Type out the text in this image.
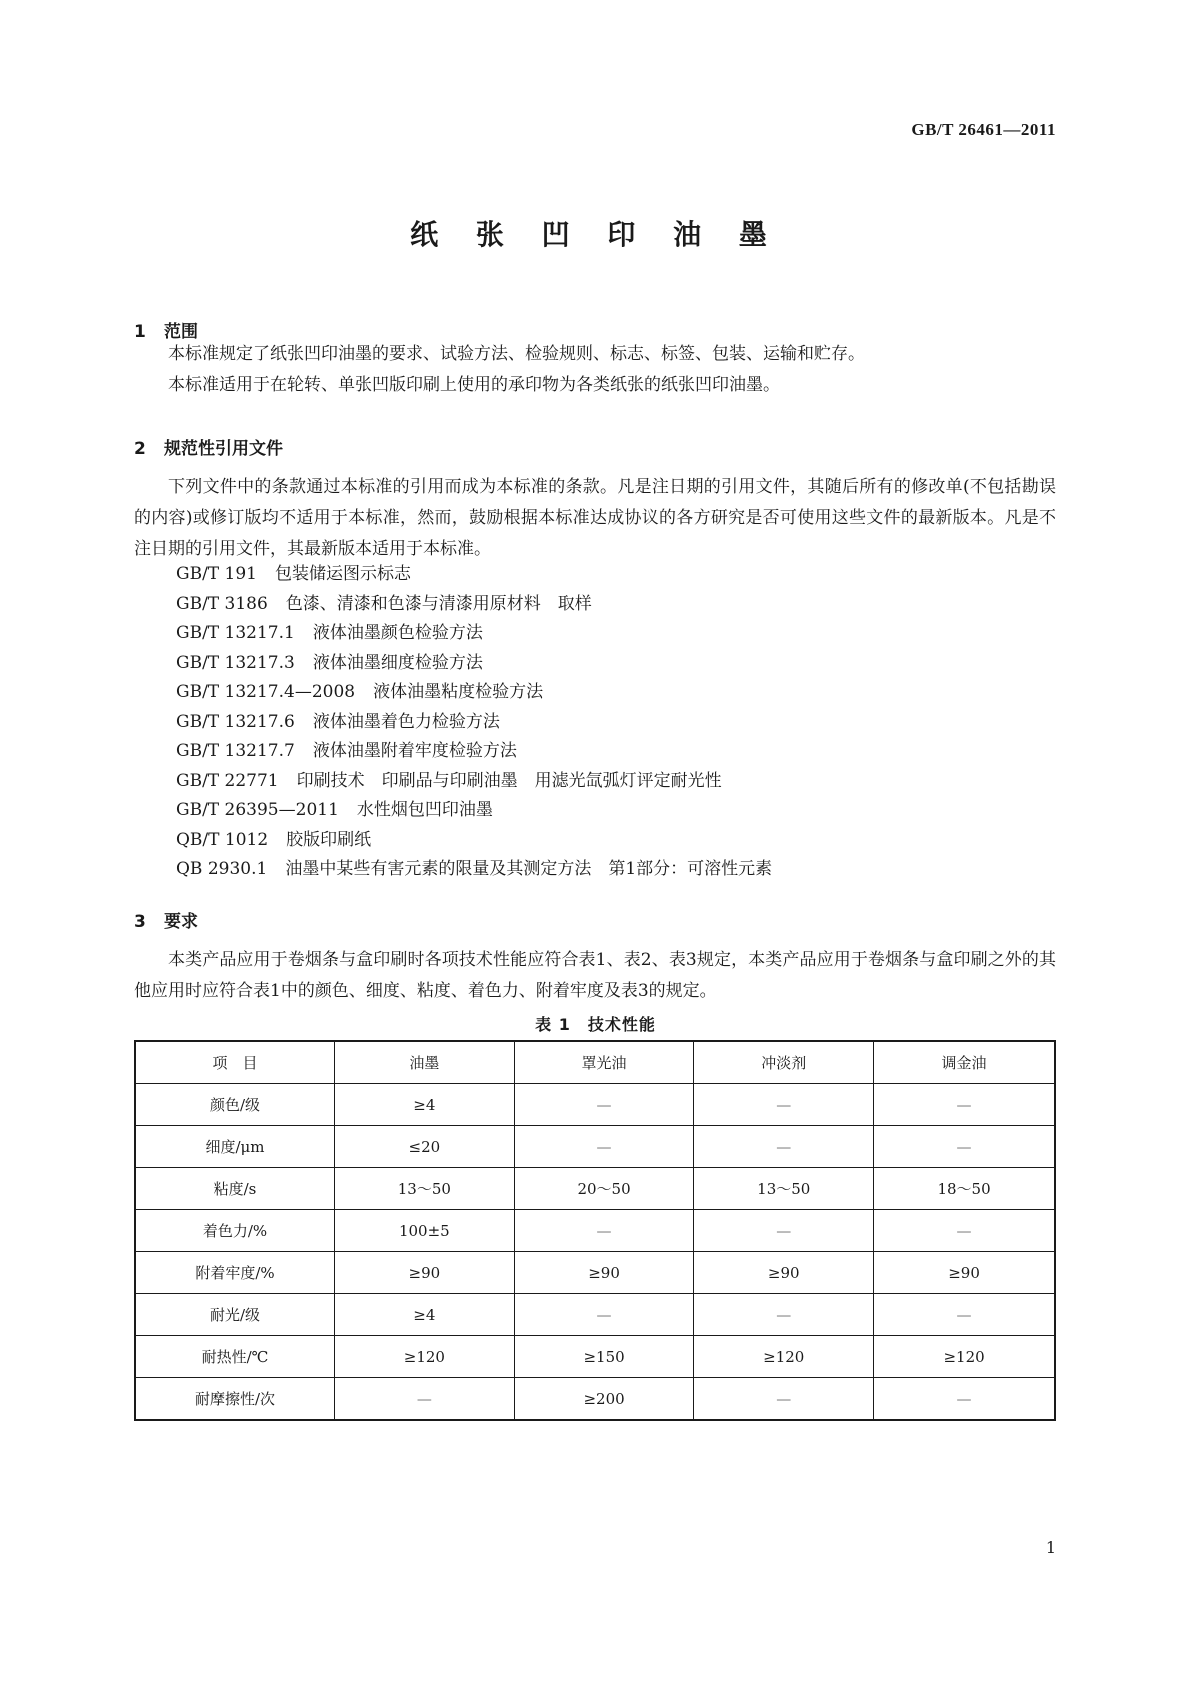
GB/T 26461—2011
纸 张 凹 印 油 墨
1 范围

本标准规定了纸张凹印油墨的要求、试验方法、检验规则、标志、标签、包装、运输和贮存。

本标准适用于在轮转、单张凹版印刷上使用的承印物为各类纸张的纸张凹印油墨。

2 规范性引用文件

下列文件中的条款通过本标准的引用而成为本标准的条款。凡是注日期的引用文件，其随后所有的修改单(不包括勘误的内容)或修订版均不适用于本标准，然而，鼓励根据本标准达成协议的各方研究是否可使用这些文件的最新版本。凡是不注日期的引用文件，其最新版本适用于本标准。

GB/T 191 包装储运图示标志
GB/T 3186 色漆、清漆和色漆与清漆用原材料　取样
GB/T 13217.1 液体油墨颜色检验方法
GB/T 13217.3 液体油墨细度检验方法
GB/T 13217.4—2008 液体油墨粘度检验方法
GB/T 13217.6 液体油墨着色力检验方法
GB/T 13217.7 液体油墨附着牢度检验方法
GB/T 22771 印刷技术　印刷品与印刷油墨　用滤光氙弧灯评定耐光性
GB/T 26395—2011 水性烟包凹印油墨
QB/T 1012 胶版印刷纸
QB 2930.1 油墨中某些有害元素的限量及其测定方法　第1部分：可溶性元素
3 要求

本类产品应用于卷烟条与盒印刷时各项技术性能应符合表1、表2、表3规定，本类产品应用于卷烟条与盒印刷之外的其他应用时应符合表1中的颜色、细度、粘度、着色力、附着牢度及表3的规定。

表 1　技术性能
项　目	油墨	罩光油	冲淡剂	调金油
颜色/级	≥4	—	—	—
细度/μm	≤20	—	—	—
粘度/s	13～50	20～50	13～50	18～50
着色力/%	100±5	—	—	—
附着牢度/%	≥90	≥90	≥90	≥90
耐光/级	≥4	—	—	—
耐热性/℃	≥120	≥150	≥120	≥120
耐摩擦性/次	—	≥200	—	—
1
